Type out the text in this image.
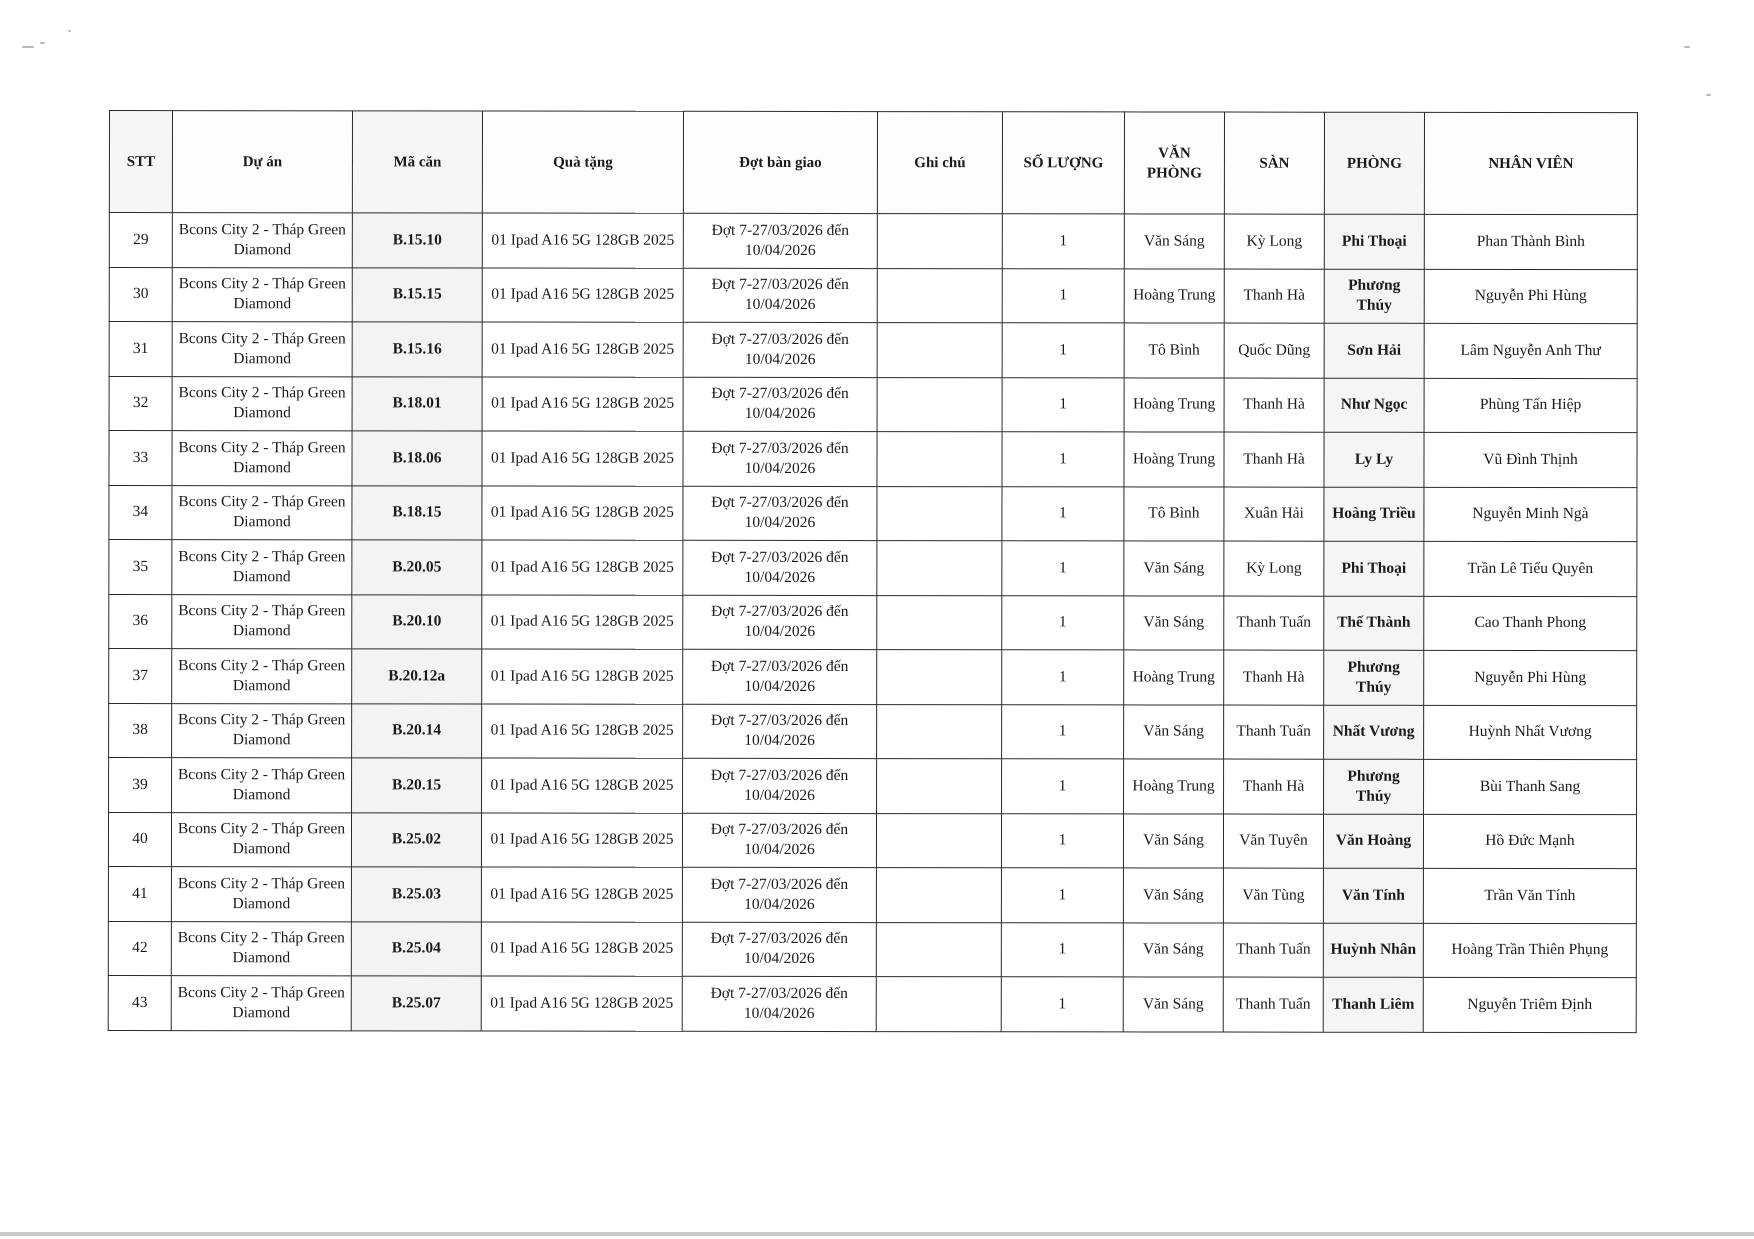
STT	Dự án	Mã căn	Quà tặng	Đợt bàn giao	Ghi chú	SỐ LƯỢNG	VĂN PHÒNG	SÀN	PHÒNG	NHÂN VIÊN
29	Bcons City 2 - Tháp Green Diamond	B.15.10	01 Ipad A16 5G 128GB 2025	Đợt 7-27/03/2026 đến 10/04/2026		1	Văn Sáng	Kỳ Long	Phi Thoại	Phan Thành Bình
30	Bcons City 2 - Tháp Green Diamond	B.15.15	01 Ipad A16 5G 128GB 2025	Đợt 7-27/03/2026 đến 10/04/2026		1	Hoàng Trung	Thanh Hà	Phương Thúy	Nguyễn Phi Hùng
31	Bcons City 2 - Tháp Green Diamond	B.15.16	01 Ipad A16 5G 128GB 2025	Đợt 7-27/03/2026 đến 10/04/2026		1	Tô Bình	Quốc Dũng	Sơn Hải	Lâm Nguyễn Anh Thư
32	Bcons City 2 - Tháp Green Diamond	B.18.01	01 Ipad A16 5G 128GB 2025	Đợt 7-27/03/2026 đến 10/04/2026		1	Hoàng Trung	Thanh Hà	Như Ngọc	Phùng Tấn Hiệp
33	Bcons City 2 - Tháp Green Diamond	B.18.06	01 Ipad A16 5G 128GB 2025	Đợt 7-27/03/2026 đến 10/04/2026		1	Hoàng Trung	Thanh Hà	Ly Ly	Vũ Đình Thịnh
34	Bcons City 2 - Tháp Green Diamond	B.18.15	01 Ipad A16 5G 128GB 2025	Đợt 7-27/03/2026 đến 10/04/2026		1	Tô Bình	Xuân Hải	Hoàng Triều	Nguyễn Minh Ngà
35	Bcons City 2 - Tháp Green Diamond	B.20.05	01 Ipad A16 5G 128GB 2025	Đợt 7-27/03/2026 đến 10/04/2026		1	Văn Sáng	Kỳ Long	Phi Thoại	Trần Lê Tiểu Quyên
36	Bcons City 2 - Tháp Green Diamond	B.20.10	01 Ipad A16 5G 128GB 2025	Đợt 7-27/03/2026 đến 10/04/2026		1	Văn Sáng	Thanh Tuấn	Thế Thành	Cao Thanh Phong
37	Bcons City 2 - Tháp Green Diamond	B.20.12a	01 Ipad A16 5G 128GB 2025	Đợt 7-27/03/2026 đến 10/04/2026		1	Hoàng Trung	Thanh Hà	Phương Thúy	Nguyễn Phi Hùng
38	Bcons City 2 - Tháp Green Diamond	B.20.14	01 Ipad A16 5G 128GB 2025	Đợt 7-27/03/2026 đến 10/04/2026		1	Văn Sáng	Thanh Tuấn	Nhất Vương	Huỳnh Nhất Vương
39	Bcons City 2 - Tháp Green Diamond	B.20.15	01 Ipad A16 5G 128GB 2025	Đợt 7-27/03/2026 đến 10/04/2026		1	Hoàng Trung	Thanh Hà	Phương Thúy	Bùi Thanh Sang
40	Bcons City 2 - Tháp Green Diamond	B.25.02	01 Ipad A16 5G 128GB 2025	Đợt 7-27/03/2026 đến 10/04/2026		1	Văn Sáng	Văn Tuyên	Văn Hoàng	Hồ Đức Mạnh
41	Bcons City 2 - Tháp Green Diamond	B.25.03	01 Ipad A16 5G 128GB 2025	Đợt 7-27/03/2026 đến 10/04/2026		1	Văn Sáng	Văn Tùng	Văn Tính	Trần Văn Tính
42	Bcons City 2 - Tháp Green Diamond	B.25.04	01 Ipad A16 5G 128GB 2025	Đợt 7-27/03/2026 đến 10/04/2026		1	Văn Sáng	Thanh Tuấn	Huỳnh Nhân	Hoàng Trần Thiên Phụng
43	Bcons City 2 - Tháp Green Diamond	B.25.07	01 Ipad A16 5G 128GB 2025	Đợt 7-27/03/2026 đến 10/04/2026		1	Văn Sáng	Thanh Tuấn	Thanh Liêm	Nguyễn Triêm Định
